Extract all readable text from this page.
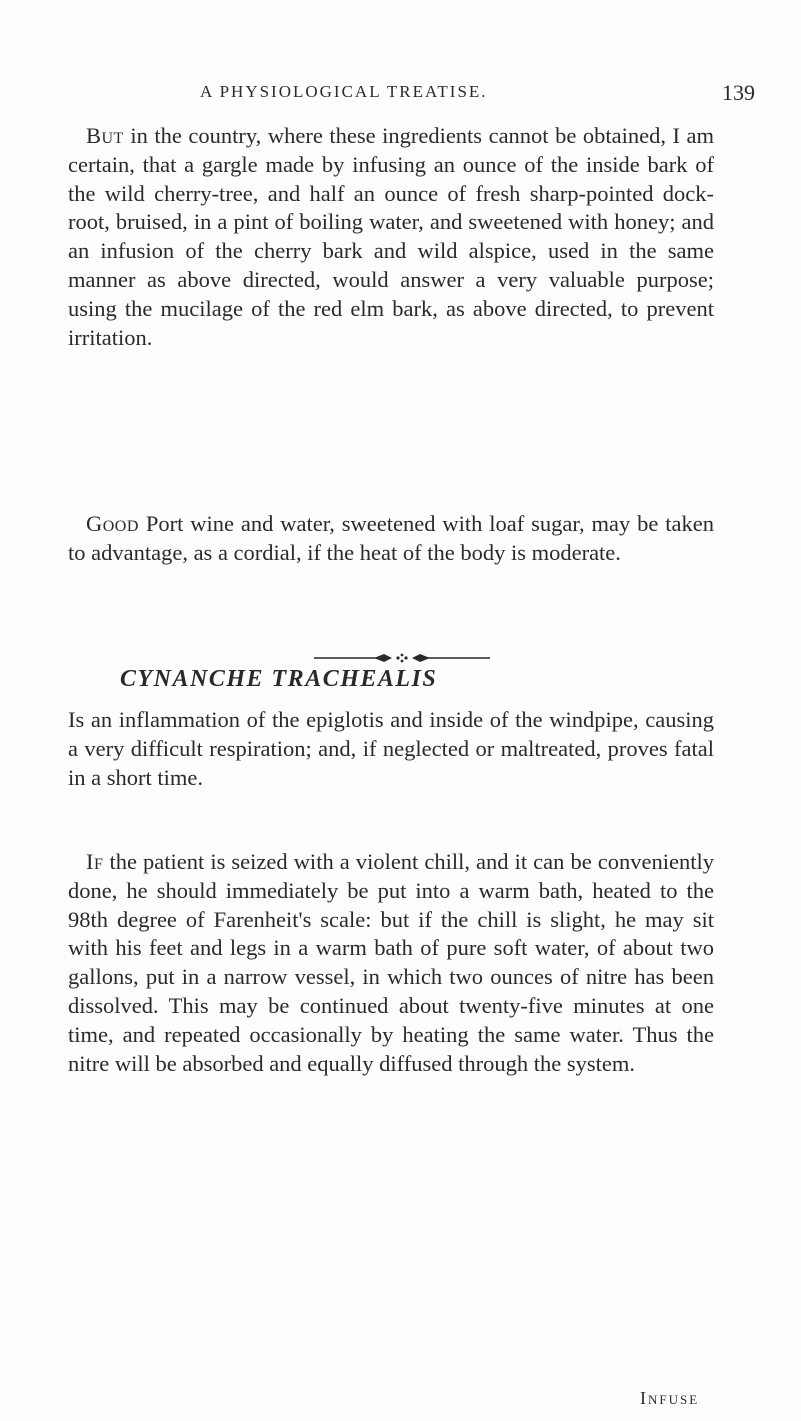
A PHYSIOLOGICAL TREATISE.	139

But in the country, where these ingredients cannot be obtained, I am certain, that a gargle made by infusing an ounce of the inside bark of the wild cherry-tree, and half an ounce of fresh sharp-pointed dock-root, bruised, in a pint of boiling water, and sweetened with honey; and an infusion of the cherry bark and wild alspice, used in the same manner as above directed, would answer a very valuable purpose; using the mucilage of the red elm bark, as above directed, to prevent irritation.

Good Port wine and water, sweetened with loaf sugar, may be taken to advantage, as a cordial, if the heat of the body is moderate.

CYNANCHE TRACHEALIS

Is an inflammation of the epiglotis and inside of the windpipe, causing a very difficult respiration; and, if neglected or maltreated, proves fatal in a short time.

If the patient is seized with a violent chill, and it can be conveniently done, he should immediately be put into a warm bath, heated to the 98th degree of Farenheit's scale: but if the chill is slight, he may sit with his feet and legs in a warm bath of pure soft water, of about two gallons, put in a narrow vessel, in which two ounces of nitre has been dissolved. This may be continued about twenty-five minutes at one time, and repeated occasionally by heating the same water. Thus the nitre will be absorbed and equally diffused through the system.

Infuse
